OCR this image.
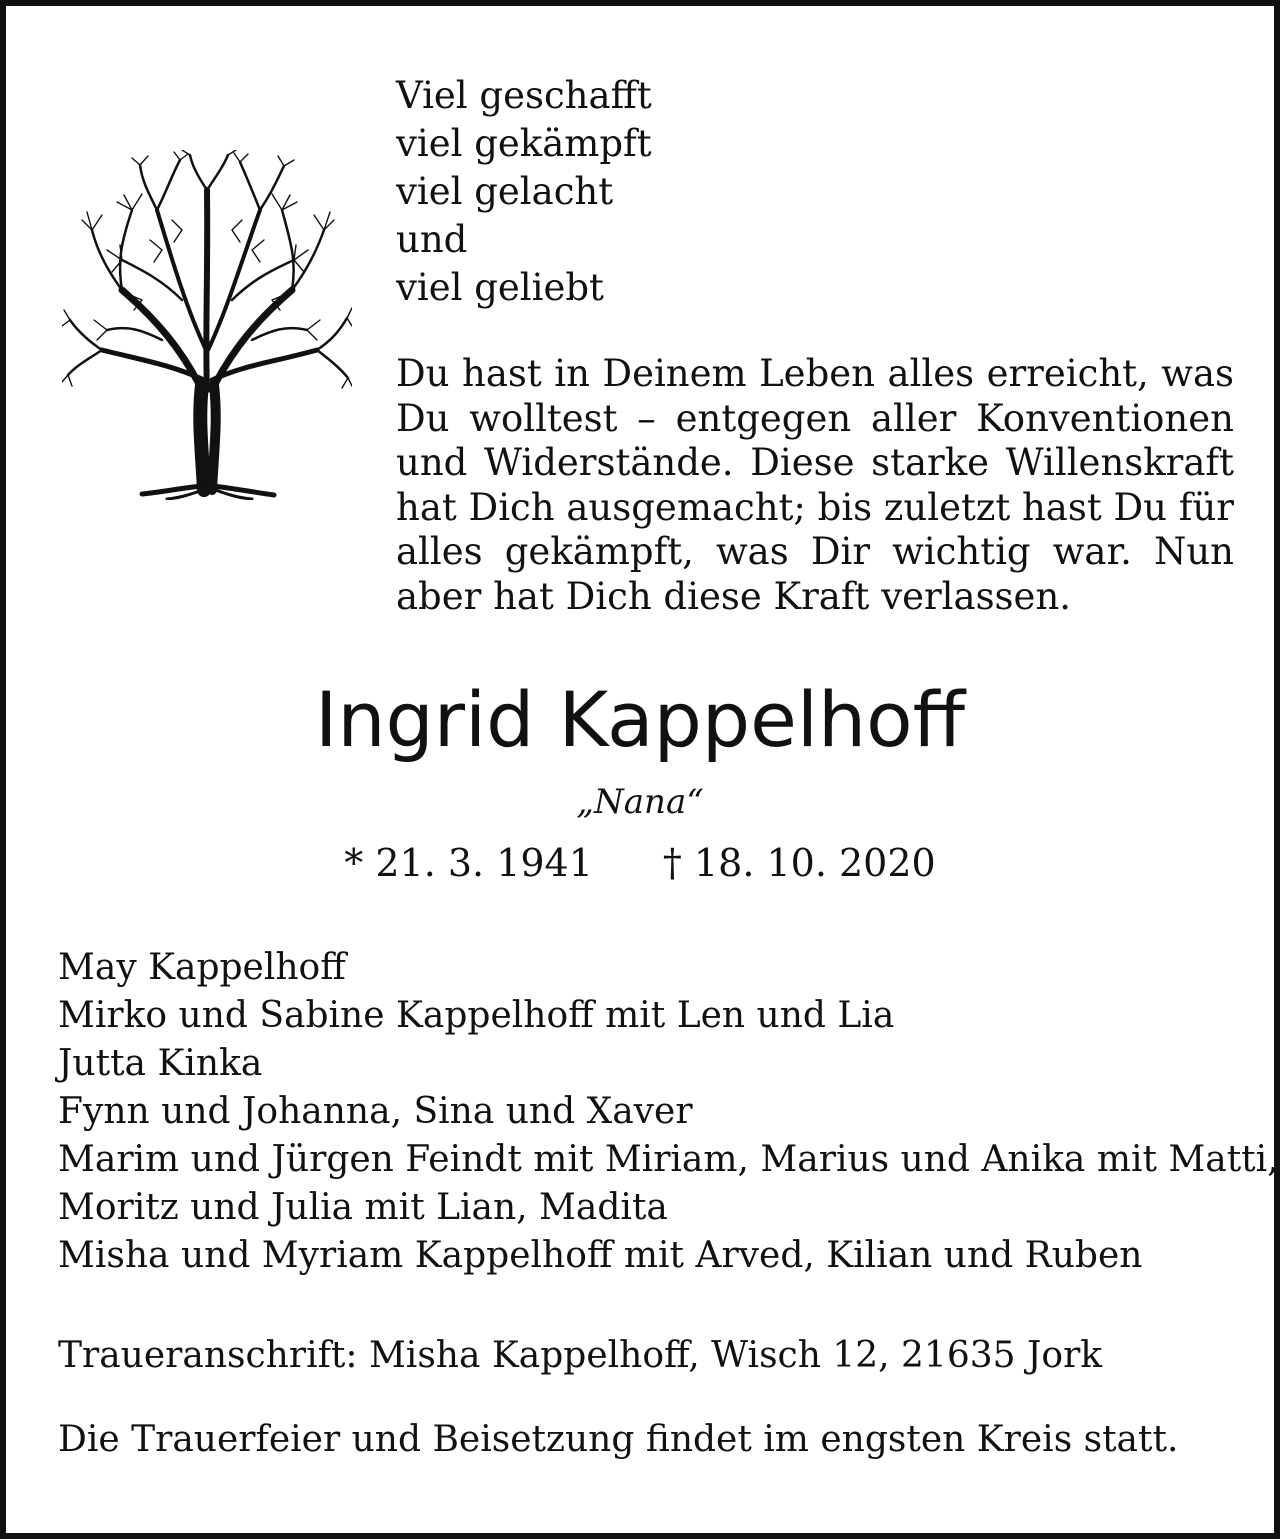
Viel geschafft
viel gekämpft
viel gelacht
und
viel geliebt

Du hast in Deinem Leben alles erreicht, was Du wolltest – entgegen aller Konventionen und Widerstände. Diese starke Willenskraft hat Dich ausgemacht; bis zuletzt hast Du für alles gekämpft, was Dir wichtig war. Nun aber hat Dich diese Kraft verlassen.

Ingrid Kappelhoff
„Nana“
* 21. 3. 1941 † 18. 10. 2020
May Kappelhoff
Mirko und Sabine Kappelhoff mit Len und Lia
Jutta Kinka
Fynn und Johanna, Sina und Xaver
Marim und Jürgen Feindt mit Miriam, Marius und Anika mit Matti,
Moritz und Julia mit Lian, Madita
Misha und Myriam Kappelhoff mit Arved, Kilian und Ruben
Traueranschrift: Misha Kappelhoff, Wisch 12, 21635 Jork
Die Trauerfeier und Beisetzung findet im engsten Kreis statt.
